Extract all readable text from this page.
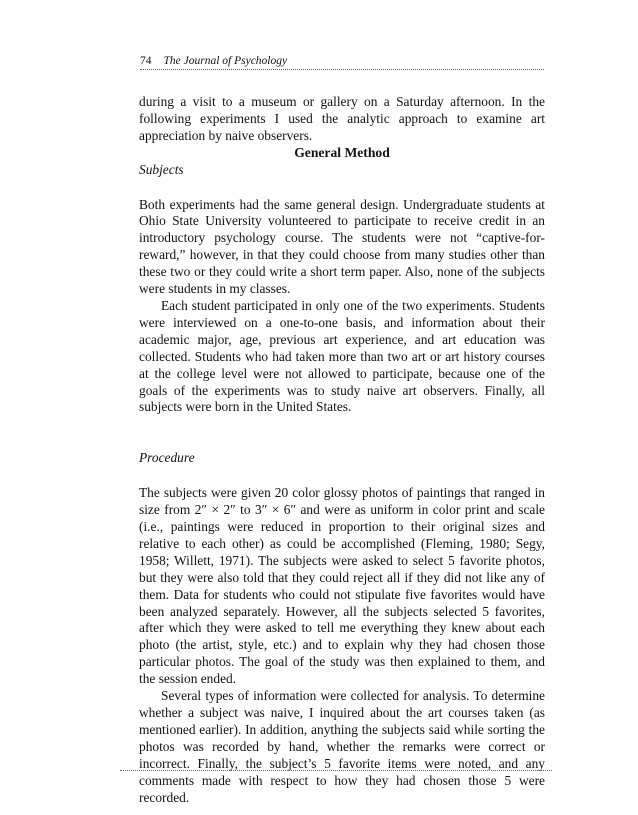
74 The Journal of Psychology

during a visit to a museum or gallery on a Saturday afternoon. In the following experiments I used the analytic approach to examine art appreciation by naive observers.

General Method

Subjects

Both experiments had the same general design. Undergraduate students at Ohio State University volunteered to participate to receive credit in an introductory psychology course. The students were not “captive-for-reward,” however, in that they could choose from many studies other than these two or they could write a short term paper. Also, none of the subjects were students in my classes.

Each student participated in only one of the two experiments. Students were interviewed on a one-to-one basis, and information about their academic major, age, previous art experience, and art education was collected. Students who had taken more than two art or art history courses at the college level were not allowed to participate, because one of the goals of the experiments was to study naive art observers. Finally, all subjects were born in the United States.

Procedure

The subjects were given 20 color glossy photos of paintings that ranged in size from 2″ × 2″ to 3″ × 6″ and were as uniform in color print and scale (i.e., paintings were reduced in proportion to their original sizes and relative to each other) as could be accomplished (Fleming, 1980; Segy, 1958; Willett, 1971). The subjects were asked to select 5 favorite photos, but they were also told that they could reject all if they did not like any of them. Data for students who could not stipulate five favorites would have been analyzed separately. However, all the subjects selected 5 favorites, after which they were asked to tell me everything they knew about each photo (the artist, style, etc.) and to explain why they had chosen those particular photos. The goal of the study was then explained to them, and the session ended.

Several types of information were collected for analysis. To determine whether a subject was naive, I inquired about the art courses taken (as mentioned earlier). In addition, anything the subjects said while sorting the photos was recorded by hand, whether the remarks were correct or incorrect. Finally, the subject’s 5 favorite items were noted, and any comments made with respect to how they had chosen those 5 were recorded.
